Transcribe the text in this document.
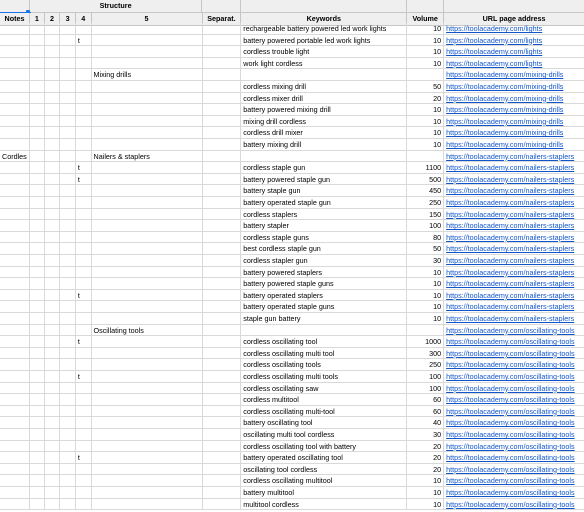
Structure
Notes	1	2	3	4	5	Separat.	Keywords	Volume	URL page address
rechargeable battery powered led work lights	10 https://toolacademy.com/lights
t	battery powered portable led work lights	10 https://toolacademy.com/lights
cordless trouble light	10 https://toolacademy.com/lights
work light cordless	10 https://toolacademy.com/lights
Mixing drills	https://toolacademy.com/mixing-drills
cordless mixing drill	50 https://toolacademy.com/mixing-drills
cordless mixer drill	20 https://toolacademy.com/mixing-drills
battery powered mixing drill	10 https://toolacademy.com/mixing-drills
mixing drill cordless	10 https://toolacademy.com/mixing-drills
cordless drill mixer	10 https://toolacademy.com/mixing-drills
battery mixing drill	10 https://toolacademy.com/mixing-drills
Cordles	Nailers & staplers	https://toolacademy.com/nailers-staplers
t	cordless staple gun	1100 https://toolacademy.com/nailers-staplers
t	battery powered staple gun	500 https://toolacademy.com/nailers-staplers
battery staple gun	450 https://toolacademy.com/nailers-staplers
battery operated staple gun	250 https://toolacademy.com/nailers-staplers
cordless staplers	150 https://toolacademy.com/nailers-staplers
battery stapler	100 https://toolacademy.com/nailers-staplers
cordless staple guns	80 https://toolacademy.com/nailers-staplers
best cordless staple gun	50 https://toolacademy.com/nailers-staplers
cordless stapler gun	30 https://toolacademy.com/nailers-staplers
battery powered staplers	10 https://toolacademy.com/nailers-staplers
battery powered staple guns	10 https://toolacademy.com/nailers-staplers
t	battery operated staplers	10 https://toolacademy.com/nailers-staplers
battery operated staple guns	10 https://toolacademy.com/nailers-staplers
staple gun battery	10 https://toolacademy.com/nailers-staplers
Oscillating tools	https://toolacademy.com/oscillating-tools
t	cordless oscillating tool	1000 https://toolacademy.com/oscillating-tools
cordless oscillating multi tool	300 https://toolacademy.com/oscillating-tools
cordless oscillating tools	250 https://toolacademy.com/oscillating-tools
t	cordless oscillating multi tools	100 https://toolacademy.com/oscillating-tools
cordless oscillating saw	100 https://toolacademy.com/oscillating-tools
cordless multitool	60 https://toolacademy.com/oscillating-tools
cordless oscillating multi-tool	60 https://toolacademy.com/oscillating-tools
battery oscillating tool	40 https://toolacademy.com/oscillating-tools
oscillating multi tool cordless	30 https://toolacademy.com/oscillating-tools
cordless oscillating tool with battery	20 https://toolacademy.com/oscillating-tools
t	battery operated oscillating tool	20 https://toolacademy.com/oscillating-tools
oscillating tool cordless	20 https://toolacademy.com/oscillating-tools
cordless oscillating multitool	10 https://toolacademy.com/oscillating-tools
battery multitool	10 https://toolacademy.com/oscillating-tools
multitool cordless	10 https://toolacademy.com/oscillating-tools
